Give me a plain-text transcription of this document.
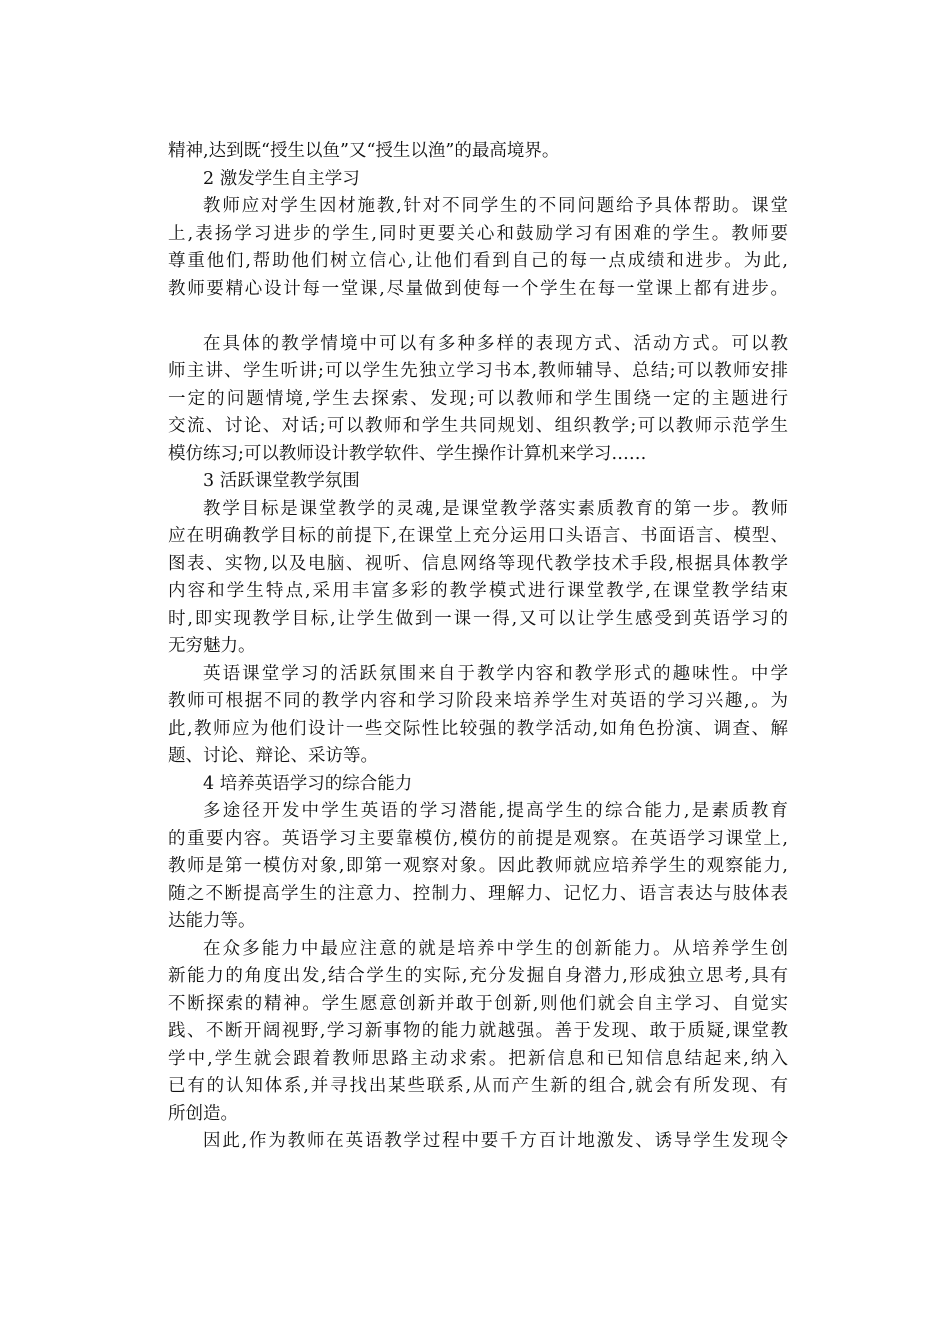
精神,达到既“授生以鱼”又“授生以渔”的最高境界。
2 激发学生自主学习
教师应对学生因材施教,针对不同学生的不同问题给予具体帮助。课堂
上,表扬学习进步的学生,同时更要关心和鼓励学习有困难的学生。教师要
尊重他们,帮助他们树立信心,让他们看到自己的每一点成绩和进步。为此,
教师要精心设计每一堂课,尽量做到使每一个学生在每一堂课上都有进步。
在具体的教学情境中可以有多种多样的表现方式、活动方式。可以教
师主讲、学生听讲;可以学生先独立学习书本,教师辅导、总结;可以教师安排
一定的问题情境,学生去探索、发现;可以教师和学生围绕一定的主题进行
交流、讨论、对话;可以教师和学生共同规划、组织教学;可以教师示范学生
模仿练习;可以教师设计教学软件、学生操作计算机来学习……
3 活跃课堂教学氛围
教学目标是课堂教学的灵魂,是课堂教学落实素质教育的第一步。教师
应在明确教学目标的前提下,在课堂上充分运用口头语言、书面语言、模型、
图表、实物,以及电脑、视听、信息网络等现代教学技术手段,根据具体教学
内容和学生特点,采用丰富多彩的教学模式进行课堂教学,在课堂教学结束
时,即实现教学目标,让学生做到一课一得,又可以让学生感受到英语学习的
无穷魅力。
英语课堂学习的活跃氛围来自于教学内容和教学形式的趣味性。中学
教师可根据不同的教学内容和学习阶段来培养学生对英语的学习兴趣,。为
此,教师应为他们设计一些交际性比较强的教学活动,如角色扮演、调查、解
题、讨论、辩论、采访等。
4 培养英语学习的综合能力
多途径开发中学生英语的学习潜能,提高学生的综合能力,是素质教育
的重要内容。英语学习主要靠模仿,模仿的前提是观察。在英语学习课堂上,
教师是第一模仿对象,即第一观察对象。因此教师就应培养学生的观察能力,
随之不断提高学生的注意力、控制力、理解力、记忆力、语言表达与肢体表
达能力等。
在众多能力中最应注意的就是培养中学生的创新能力。从培养学生创
新能力的角度出发,结合学生的实际,充分发掘自身潜力,形成独立思考,具有
不断探索的精神。学生愿意创新并敢于创新,则他们就会自主学习、自觉实
践、不断开阔视野,学习新事物的能力就越强。善于发现、敢于质疑,课堂教
学中,学生就会跟着教师思路主动求索。把新信息和已知信息结起来,纳入
已有的认知体系,并寻找出某些联系,从而产生新的组合,就会有所发现、有
所创造。
因此,作为教师在英语教学过程中要千方百计地激发、诱导学生发现令
